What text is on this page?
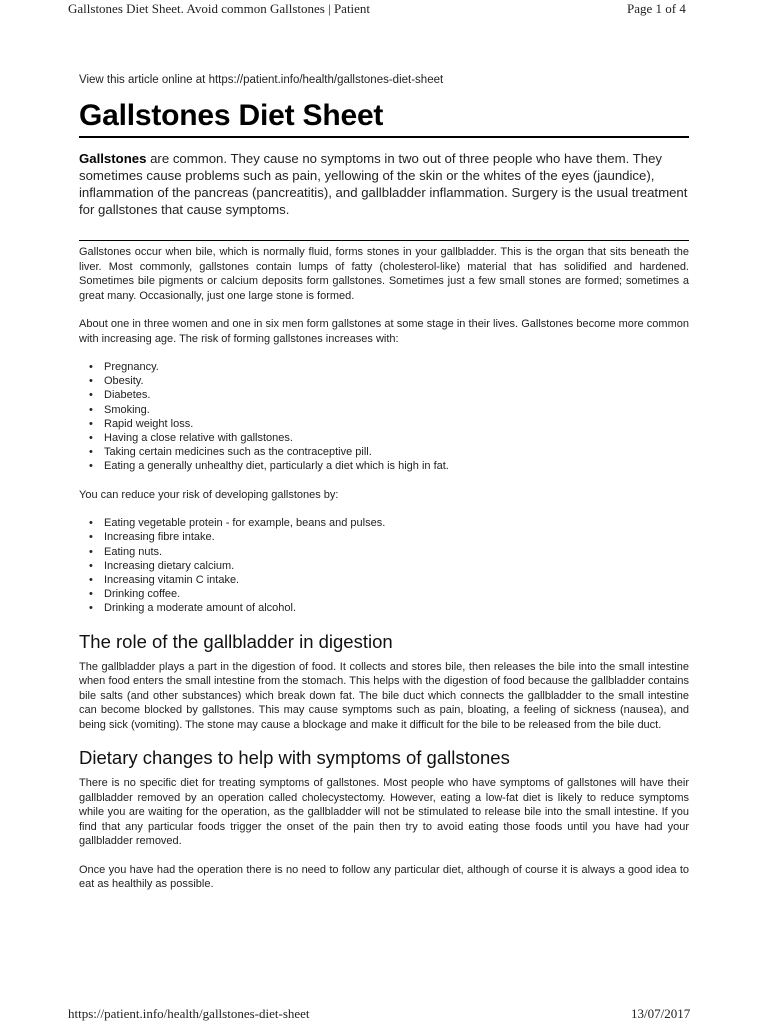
Gallstones Diet Sheet. Avoid common Gallstones | Patient	Page 1 of 4

View this article online at https://patient.info/health/gallstones-diet-sheet

Gallstones Diet Sheet

Gallstones are common. They cause no symptoms in two out of three people who have them. They sometimes cause problems such as pain, yellowing of the skin or the whites of the eyes (jaundice), inflammation of the pancreas (pancreatitis), and gallbladder inflammation. Surgery is the usual treatment for gallstones that cause symptoms.

Gallstones occur when bile, which is normally fluid, forms stones in your gallbladder. This is the organ that sits beneath the liver. Most commonly, gallstones contain lumps of fatty (cholesterol-like) material that has solidified and hardened. Sometimes bile pigments or calcium deposits form gallstones. Sometimes just a few small stones are formed; sometimes a great many. Occasionally, just one large stone is formed.

About one in three women and one in six men form gallstones at some stage in their lives. Gallstones become more common with increasing age. The risk of forming gallstones increases with:

• Pregnancy.
• Obesity.
• Diabetes.
• Smoking.
• Rapid weight loss.
• Having a close relative with gallstones.
• Taking certain medicines such as the contraceptive pill.
• Eating a generally unhealthy diet, particularly a diet which is high in fat.

You can reduce your risk of developing gallstones by:

• Eating vegetable protein - for example, beans and pulses.
• Increasing fibre intake.
• Eating nuts.
• Increasing dietary calcium.
• Increasing vitamin C intake.
• Drinking coffee.
• Drinking a moderate amount of alcohol.
The role of the gallbladder in digestion

The gallbladder plays a part in the digestion of food. It collects and stores bile, then releases the bile into the small intestine when food enters the small intestine from the stomach. This helps with the digestion of food because the gallbladder contains bile salts (and other substances) which break down fat. The bile duct which connects the gallbladder to the small intestine can become blocked by gallstones. This may cause symptoms such as pain, bloating, a feeling of sickness (nausea), and being sick (vomiting). The stone may cause a blockage and make it difficult for the bile to be released from the bile duct.

Dietary changes to help with symptoms of gallstones

There is no specific diet for treating symptoms of gallstones. Most people who have symptoms of gallstones will have their gallbladder removed by an operation called cholecystectomy. However, eating a low-fat diet is likely to reduce symptoms while you are waiting for the operation, as the gallbladder will not be stimulated to release bile into the small intestine. If you find that any particular foods trigger the onset of the pain then try to avoid eating those foods until you have had your gallbladder removed.

Once you have had the operation there is no need to follow any particular diet, although of course it is always a good idea to eat as healthily as possible.

https://patient.info/health/gallstones-diet-sheet	13/07/2017
